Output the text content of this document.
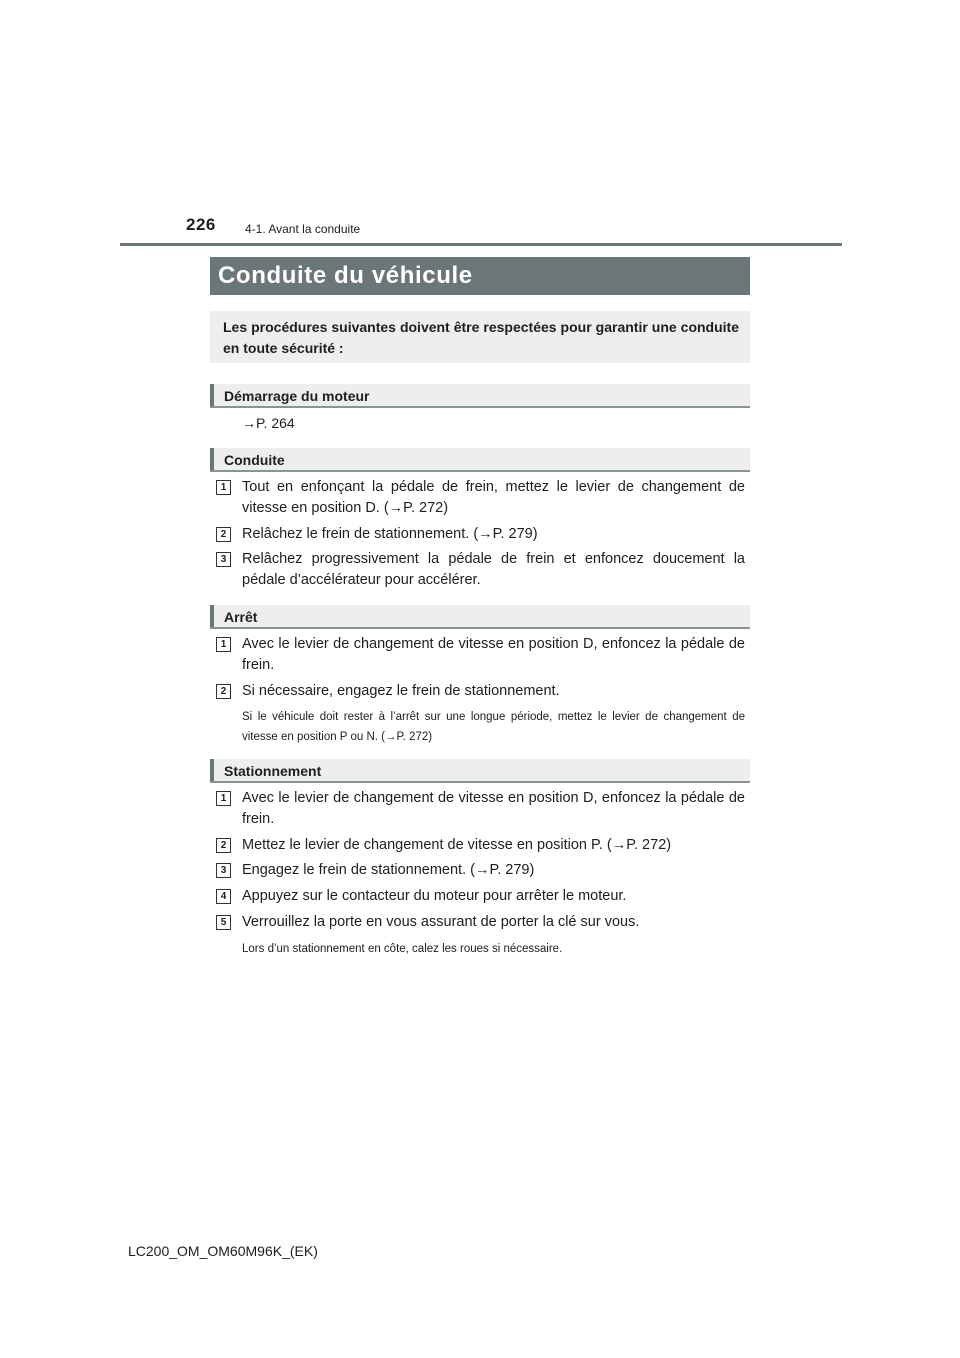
226 4-1. Avant la conduite
Conduite du véhicule
Les procédures suivantes doivent être respectées pour garantir une conduite en toute sécurité :
Démarrage du moteur
→P. 264
Conduite
1	Tout en enfonçant la pédale de frein, mettez le levier de changement de vitesse en position D. (→P. 272)
2	Relâchez le frein de stationnement. (→P. 279)
3	Relâchez progressivement la pédale de frein et enfoncez doucement la pédale d’accélérateur pour accélérer.
Arrêt
1	Avec le levier de changement de vitesse en position D, enfoncez la pédale de frein.
2	Si nécessaire, engagez le frein de stationnement.
Si le véhicule doit rester à l’arrêt sur une longue période, mettez le levier de changement de vitesse en position P ou N. (→P. 272)
Stationnement
1	Avec le levier de changement de vitesse en position D, enfoncez la pédale de frein.
2	Mettez le levier de changement de vitesse en position P. (→P. 272)
3	Engagez le frein de stationnement. (→P. 279)
4	Appuyez sur le contacteur du moteur pour arrêter le moteur.
5	Verrouillez la porte en vous assurant de porter la clé sur vous.
Lors d’un stationnement en côte, calez les roues si nécessaire.
LC200_OM_OM60M96K_(EK)
